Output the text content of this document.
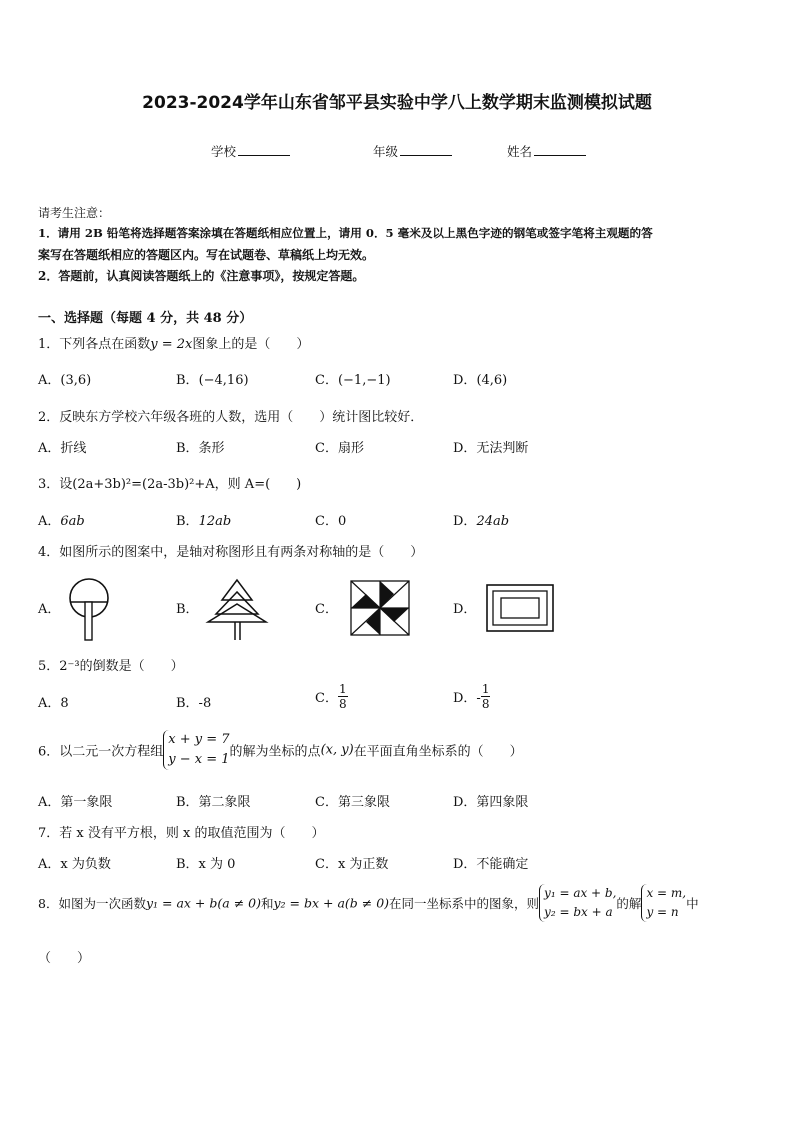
2023-2024学年山东省邹平县实验中学八上数学期末监测模拟试题
学校	年级	姓名
请考生注意：
1．请用 2B 铅笔将选择题答案涂填在答题纸相应位置上，请用 0．5 毫米及以上黑色字迹的钢笔或签字笔将主观题的答
案写在答题纸相应的答题区内。写在试题卷、草稿纸上均无效。
2．答题前，认真阅读答题纸上的《注意事项》，按规定答题。
一、选择题（每题 4 分，共 48 分）
1．下列各点在函数y = 2x图象上的是（　　）
A．(3,6)	B．(−4,16)	C．(−1,−1)	D．(4,6)
2．反映东方学校六年级各班的人数，选用（　　）统计图比较好．
A．折线	B．条形	C．扇形	D．无法判断
3．设(2a+3b)²=(2a-3b)²+A，则 A=(　　)
A．6ab	B．12ab	C．0	D．24ab
4．如图所示的图案中，是轴对称图形且有两条对称轴的是（　　）
A．	B．	C．	D．
5．2⁻³的倒数是（　　）
A．8	B．-8	C． $\frac{1}{8}$	D．- $\frac{1}{8}$
6．以二元一次方程组
x + y = 7
y − x = 1 的解为坐标的点(x, y)在平面直角坐标系的（　　）
A．第一象限	B．第二象限	C．第三象限	D．第四象限
7．若 x 没有平方根，则 x 的取值范围为（　　）
A．x 为负数	B．x 为 0	C．x 为正数	D．不能确定
8．如图为一次函数y₁ = ax + b(a ≠ 0)和y₂ = bx + a(b ≠ 0)在同一坐标系中的图象，则
y₁ = ax + b,
y₂ = bx + a
的解
x = m,
y = n
中
（　　）
